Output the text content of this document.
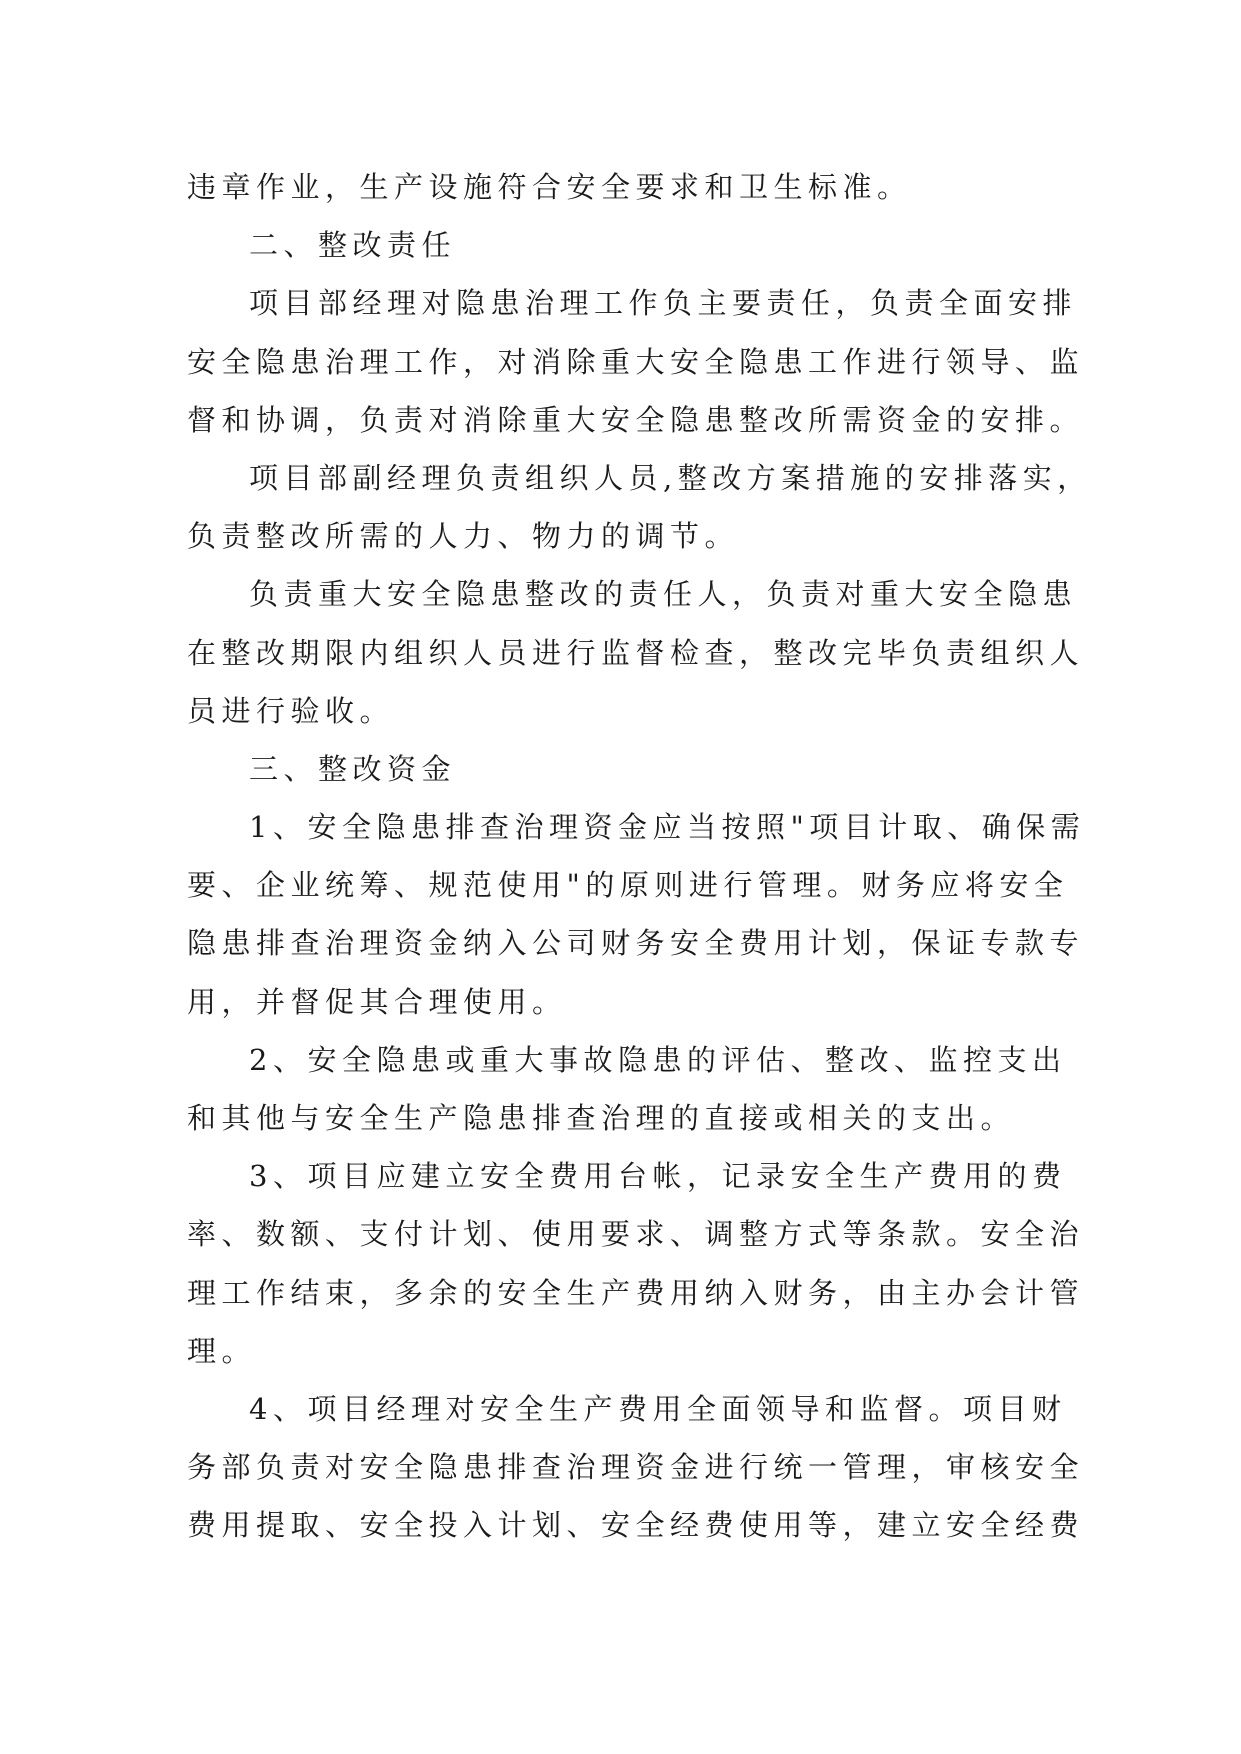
违章作业，生产设施符合安全要求和卫生标准。
二、整改责任
项目部经理对隐患治理工作负主要责任，负责全面安排
安全隐患治理工作，对消除重大安全隐患工作进行领导、监
督和协调，负责对消除重大安全隐患整改所需资金的安排。
项目部副经理负责组织人员,整改方案措施的安排落实，
负责整改所需的人力、物力的调节。
负责重大安全隐患整改的责任人，负责对重大安全隐患
在整改期限内组织人员进行监督检查，整改完毕负责组织人
员进行验收。
三、整改资金
1、安全隐患排查治理资金应当按照"项目计取、确保需
要、企业统筹、规范使用"的原则进行管理。财务应将安全
隐患排查治理资金纳入公司财务安全费用计划，保证专款专
用，并督促其合理使用。
2、安全隐患或重大事故隐患的评估、整改、监控支出
和其他与安全生产隐患排查治理的直接或相关的支出。
3、项目应建立安全费用台帐，记录安全生产费用的费
率、数额、支付计划、使用要求、调整方式等条款。安全治
理工作结束，多余的安全生产费用纳入财务，由主办会计管
理。
4、项目经理对安全生产费用全面领导和监督。项目财
务部负责对安全隐患排查治理资金进行统一管理，审核安全
费用提取、安全投入计划、安全经费使用等，建立安全经费
